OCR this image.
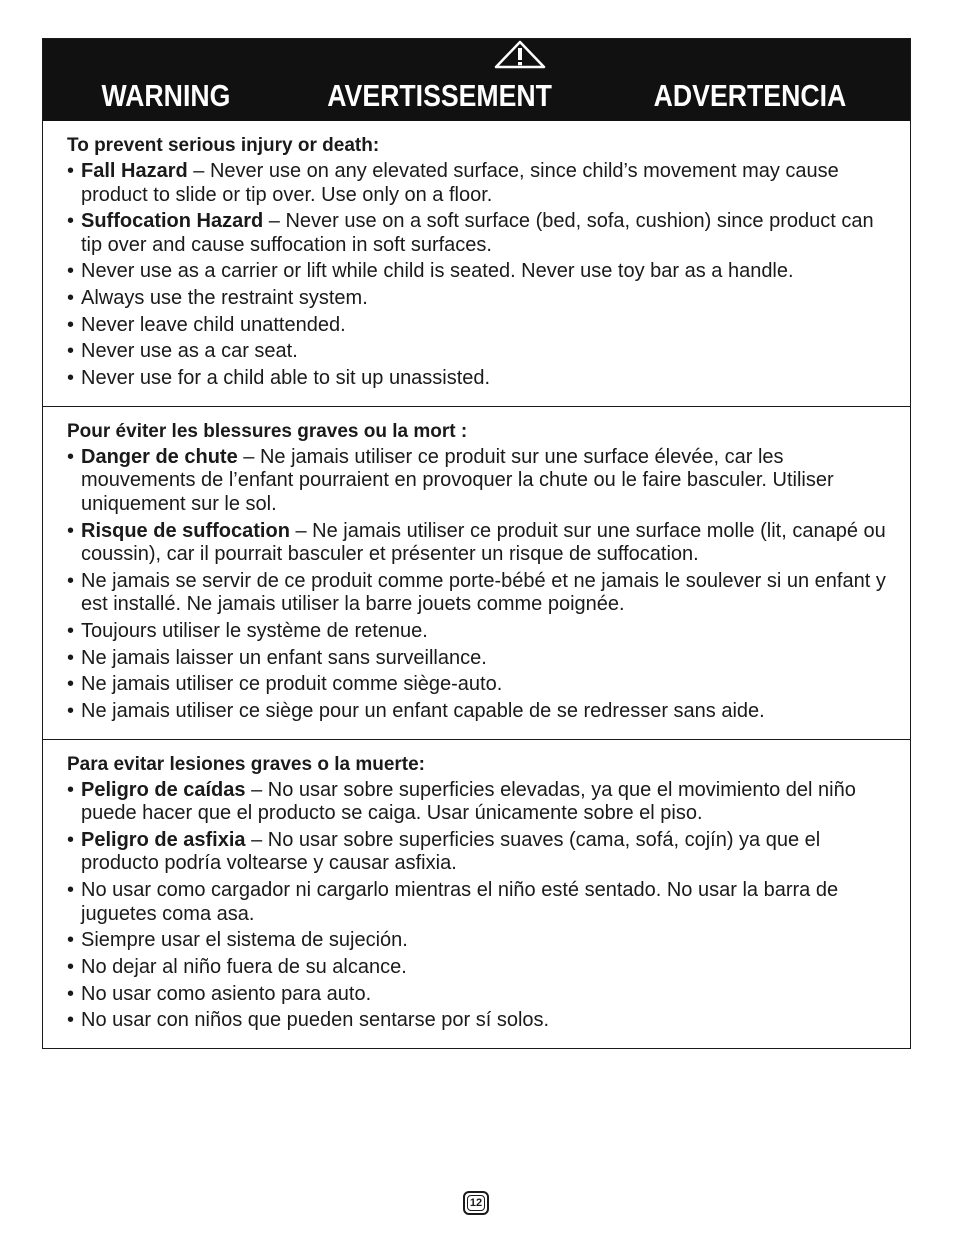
WARNING	AVERTISSEMENT	ADVERTENCIA
To prevent serious injury or death:
• Fall Hazard – Never use on any elevated surface, since child’s movement may cause product to slide or tip over. Use only on a floor.
• Suffocation Hazard – Never use on a soft surface (bed, sofa, cushion) since product can tip over and cause suffocation in soft surfaces.
• Never use as a carrier or lift while child is seated. Never use toy bar as a handle.
• Always use the restraint system.
• Never leave child unattended.
• Never use as a car seat.
• Never use for a child able to sit up unassisted.
Pour éviter les blessures graves ou la mort :
• Danger de chute – Ne jamais utiliser ce produit sur une surface élevée, car les mouvements de l’enfant pourraient en provoquer la chute ou le faire basculer. Utiliser uniquement sur le sol.
• Risque de suffocation – Ne jamais utiliser ce produit sur une surface molle (lit, canapé ou coussin), car il pourrait basculer et présenter un risque de suffocation.
• Ne jamais se servir de ce produit comme porte-bébé et ne jamais le soulever si un enfant y est installé. Ne jamais utiliser la barre jouets comme poignée.
• Toujours utiliser le système de retenue.
• Ne jamais laisser un enfant sans surveillance.
• Ne jamais utiliser ce produit comme siège-auto.
• Ne jamais utiliser ce siège pour un enfant capable de se redresser sans aide.
Para evitar lesiones graves o la muerte:
• Peligro de caídas – No usar sobre superficies elevadas, ya que el movimiento del niño puede hacer que el producto se caiga. Usar únicamente sobre el piso.
• Peligro de asfixia – No usar sobre superficies suaves (cama, sofá, cojín) ya que el producto podría voltearse y causar asfixia.
• No usar como cargador ni cargarlo mientras el niño esté sentado. No usar la barra de juguetes coma asa.
• Siempre usar el sistema de sujeción.
• No dejar al niño fuera de su alcance.
• No usar como asiento para auto.
• No usar con niños que pueden sentarse por sí solos.
12
